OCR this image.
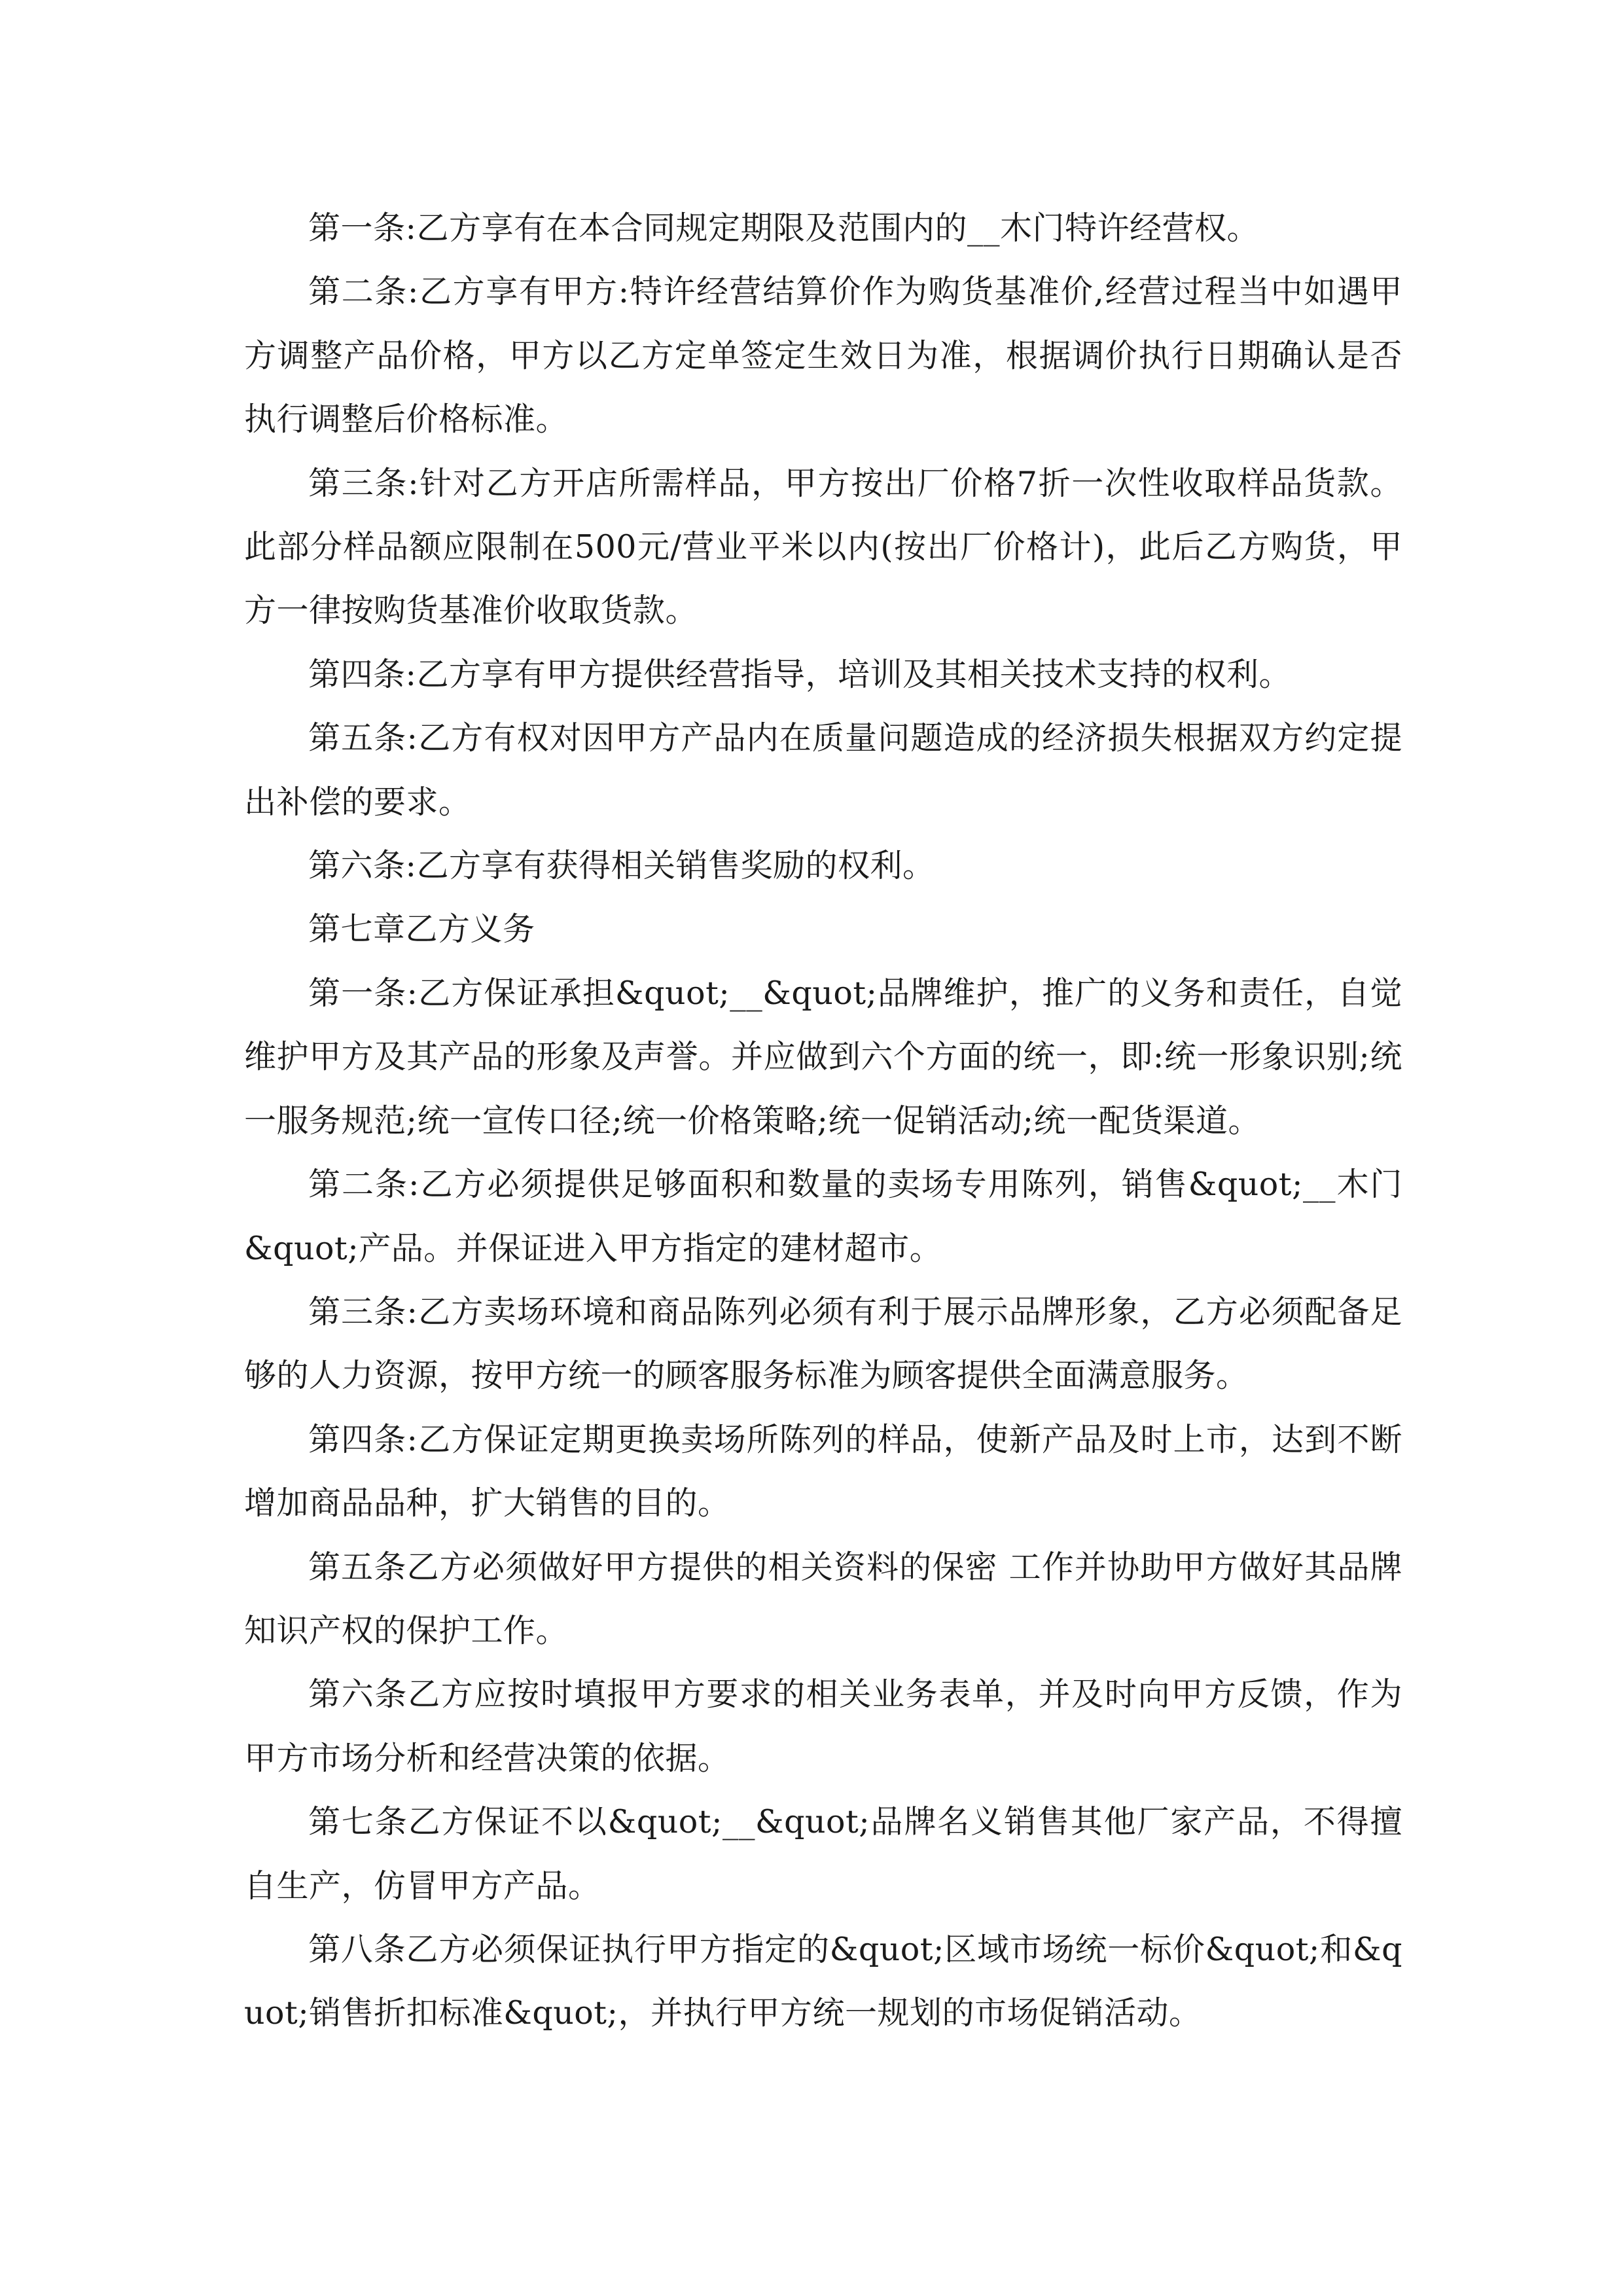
第一条:乙方享有在本合同规定期限及范围内的__木门特许经营权。

第二条:乙方享有甲方:特许经营结算价作为购货基准价,经营过程当中如遇甲方调整产品价格，甲方以乙方定单签定生效日为准，根据调价执行日期确认是否执行调整后价格标准。

第三条:针对乙方开店所需样品，甲方按出厂价格7折一次性收取样品货款。此部分样品额应限制在500元/营业平米以内(按出厂价格计)，此后乙方购货，甲方一律按购货基准价收取货款。

第四条:乙方享有甲方提供经营指导，培训及其相关技术支持的权利。

第五条:乙方有权对因甲方产品内在质量问题造成的经济损失根据双方约定提出补偿的要求。

第六条:乙方享有获得相关销售奖励的权利。

第七章乙方义务

第一条:乙方保证承担&quot;__&quot;品牌维护，推广的义务和责任，自觉维护甲方及其产品的形象及声誉。并应做到六个方面的统一，即:统一形象识别;统一服务规范;统一宣传口径;统一价格策略;统一促销活动;统一配货渠道。

第二条:乙方必须提供足够面积和数量的卖场专用陈列，销售&quot;__木门&quot;产品。并保证进入甲方指定的建材超市。

第三条:乙方卖场环境和商品陈列必须有利于展示品牌形象，乙方必须配备足够的人力资源，按甲方统一的顾客服务标准为顾客提供全面满意服务。

第四条:乙方保证定期更换卖场所陈列的样品，使新产品及时上市，达到不断增加商品品种，扩大销售的目的。

第五条乙方必须做好甲方提供的相关资料的保密 工作并协助甲方做好其品牌知识产权的保护工作。

第六条乙方应按时填报甲方要求的相关业务表单，并及时向甲方反馈，作为甲方市场分析和经营决策的依据。

第七条乙方保证不以&quot;__&quot;品牌名义销售其他厂家产品，不得擅自生产，仿冒甲方产品。

第八条乙方必须保证执行甲方指定的&quot;区域市场统一标价&quot;和&quot;销售折扣标准&quot;，并执行甲方统一规划的市场促销活动。
